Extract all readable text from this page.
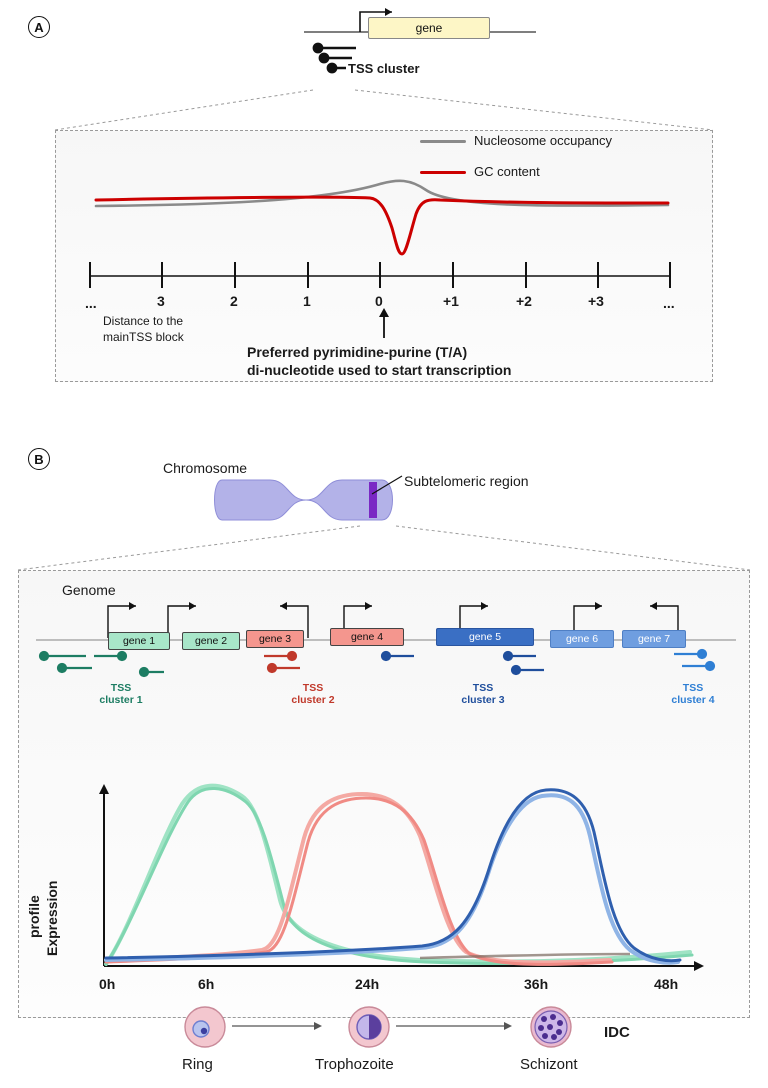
A	gene
TSS cluster
Nucleosome occupancy
GC content
...	3	2	1	0	+1	+2	+3	...
Distance to the
mainTSS block
Preferred pyrimidine-purine (T/A)
di-nucleotide used to start transcription
B
Chromosome
Subtelomeric region
Genome
gene 1	gene 2	gene 3	gene 4	gene 5	gene 6	gene 7
TSS
cluster 1
TSS
cluster 2
TSS
cluster 3
TSS
cluster 4
Expression
profile
0h	6h	24h	36h	48h
Ring	Trophozoite	Schizont
IDC
